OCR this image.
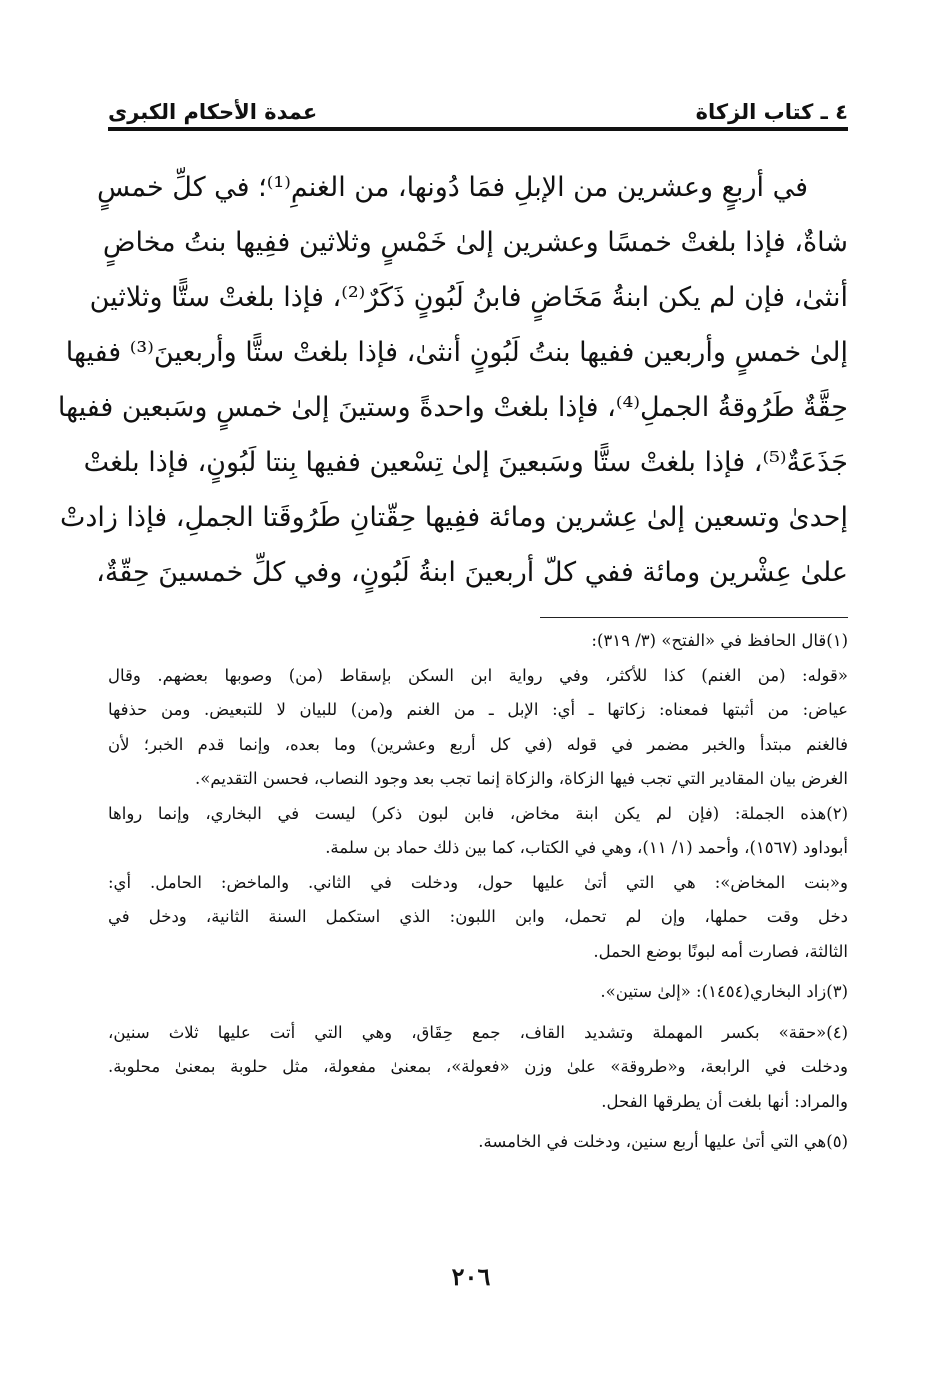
٤ ـ كتاب الزكاة
عمدة الأحكام الكبرى
في أربعٍ وعشرين من الإبلِ فمَا دُونها، من الغنمِ⁽¹⁾؛ في كلِّ خمسٍ
شاةٌ، فإذا بلغتْ خمسًا وعشرين إلىٰ خَمْسٍ وثلاثين ففِيها بنتُ مخاضٍ
أنثىٰ، فإن لم يكن ابنةُ مَخَاضٍ فابنُ لَبُونٍ ذَكَرٌ⁽²⁾، فإذا بلغتْ ستًّا وثلاثين
إلىٰ خمسٍ وأربعين ففيها بنتُ لَبُونٍ أنثىٰ، فإذا بلغتْ ستًّا وأربعينَ⁽³⁾ ففيها
حِقَّةٌ طَرُوقةُ الجملِ⁽⁴⁾، فإذا بلغتْ واحدةً وستينَ إلىٰ خمسٍ وسَبعين ففيها
جَذَعَةٌ⁽⁵⁾، فإذا بلغتْ ستًّا وسَبعينَ إلىٰ تِسْعين ففيها بِنتا لَبُونٍ، فإذا بلغتْ
إحدىٰ وتسعين إلىٰ عِشرين ومائة ففِيها حِقّتانِ طَرُوقَتا الجملِ، فإذا زادتْ
علىٰ عِشْرين ومائة ففي كلّ أربعينَ ابنةُ لَبُونٍ، وفي كلِّ خمسينَ حِقّةٌ،
(١)قال الحافظ في «الفتح» (٣/ ٣١٩):
«قوله: (من الغنم) كذا للأكثر، وفي رواية ابن السكن بإسقاط (من) وصوبها بعضهم. وقال
عياض: من أثبتها فمعناه: زكاتها ـ أي: الإبل ـ من الغنم و(من) للبيان لا للتبعيض. ومن حذفها
فالغنم مبتدأ والخبر مضمر في قوله (في كل أربع وعشرين) وما بعده، وإنما قدم الخبر؛ لأن
الغرض بيان المقادير التي تجب فيها الزكاة، والزكاة إنما تجب بعد وجود النصاب، فحسن التقديم».
(٢)هذه الجملة: (فإن لم يكن ابنة مخاض، فابن لبون ذكر) ليست في البخاري، وإنما رواها
أبوداود (١٥٦٧)، وأحمد (١/ ١١)، وهي في الكتاب، كما بين ذلك حماد بن سلمة.
و«بنت المخاض»: هي التي أتىٰ عليها حول، ودخلت في الثاني. والماخض: الحامل. أي:
دخل وقت حملها، وإن لم تحمل، وابن اللبون: الذي استكمل السنة الثانية، ودخل في
الثالثة، فصارت أمه لبونًا بوضع الحمل.
(٣)زاد البخاري(١٤٥٤): «إلىٰ ستين».
(٤)«حقة» بكسر المهملة وتشديد القاف، جمع حِقَاق، وهي التي أتت عليها ثلاث سنين،
ودخلت في الرابعة، و«طروقة» علىٰ وزن «فعولة»، بمعنىٰ مفعولة، مثل حلوبة بمعنىٰ محلوبة.
والمراد: أنها بلغت أن يطرقها الفحل.
(٥)هي التي أتىٰ عليها أربع سنين، ودخلت في الخامسة.
٢٠٦
